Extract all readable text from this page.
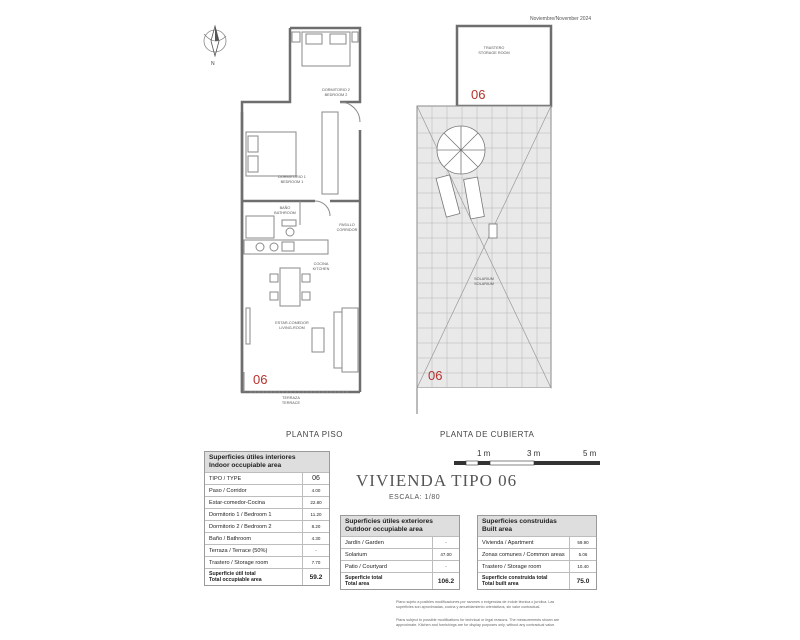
Noviembre/November 2024
N
DORMITORIO 2
BEDROOM 2
DORMITORIO 1
BEDROOM 1
BAÑO
BATHROOM
PASILLO
CORRIDOR
COCINA
KITCHEN
ESTAR-COMEDOR
LIVING-ROOM
TERRAZA
TERRACE
06
TRASTERO
STORAGE ROOM
SOLARIUM
SOLARIUM
06
06
PLANTA PISO	PLANTA DE CUBIERTA
Superficies útiles interiores
Indoor occupiable area
TIPO / TYPE	06
Paso / Corridor	4.00
Estar-comedor-Cocina	22.80
Dormitorio 1 / Bedroom 1	11.20
Dormitorio 2 / Bedroom 2	8.20
Baño / Bathroom	4.30
Terraza / Terrace (50%)	-
Trastero / Storage room	7.70
Superficie útil total
Total occupiable area	59.2
VIVIENDA TIPO 06
ESCALA: 1/80
1 m	3 m	5 m
Superficies útiles exteriores
Outdoor occupiable area
Jardín / Garden	-
Solarium	47.00
Patio / Courtyard	-
Superficie total
Total area	106.2
Superficies construidas
Built area
Vivienda / Apartment	59.90
Zonas comunes / Common areas	5.06
Trastero / Storage room	10.40
Superficie construida total
Total built area	75.0
Plano sujeto a posibles modificaciones por razones o exigencias de índole técnica o jurídica. Las
superficies son aproximadas, cocina y amueblamiento orientativos, sin valor contractual.
Plans subject to possible modifications for technical or legal reasons. The measurements shown are
approximate. Kitchen and furnishings are for display purposes only, without any contractual value.
